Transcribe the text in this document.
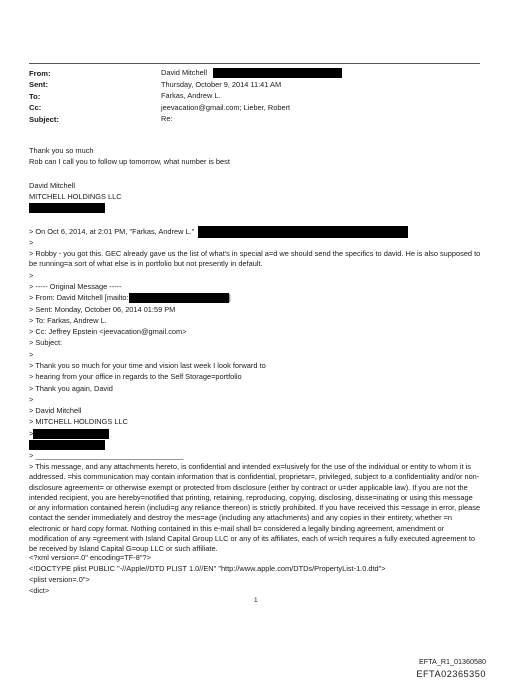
From:	David Mitchell
Sent:	Thursday, October 9, 2014 11:41 AM
To:	Farkas, Andrew L.
Cc:	jeevacation@gmail.com; Lieber, Robert
Subject:	Re:
Thank you so much
Rob can I call you to follow up tomorrow, what number is best
David Mitchell
MITCHELL HOLDINGS LLC
> On Oct 6, 2014, at 2:01 PM, "Farkas, Andrew L."
>
> Robby - you got this. GEC already gave us the list of what's in special a=d we should send the specifics to david. He is also supposed to be running=a sort of what else is in portfolio but not presently in default.
>
> ----- Original Message -----
> From: David Mitchell [mailto:	]
> Sent: Monday, October 06, 2014 01:59 PM
> To: Farkas, Andrew L.
> Cc: Jeffrey Epstein <jeevacation@gmail.com>
> Subject:
>
> Thank you so much for your time and vision last week I look forward to
> hearing from your office in regards to the Self Storage=portfolio
> Thank you again, David
>
> David Mitchell
> MITCHELL HOLDINGS LLC
>
> ____________________________________
> This message, and any attachments hereto, is confidential and intended ex=lusively for the use of the individual or entity to whom it is addressed. =his communication may contain information that is confidential, proprietar=, privileged, subject to a confidentiality and/or non-disclosure agreement= or otherwise exempt or protected from disclosure (either by contract or u=der applicable law). If you are not the intended recipient, you are hereby=notified that printing, retaining, reproducing, copying, disclosing, disse=inating or using this message or any information contained herein (includi=g any reliance thereon) is strictly prohibited. If you have received this =essage in error, please contact the sender immediately and destroy the mes=age (including any attachments) and any copies in their entirety, whether =n electronic or hard copy format. Nothing contained in this e-mail shall b= considered a legally binding agreement, amendment or modification of any =greement with Island Capital Group LLC or any of its affiliates, each of w=ich requires a fully executed agreement to be received by Island Capital G=oup LLC or such affiliate.
<?xml version=.0" encoding=TF-8"?>
<!DOCTYPE plist PUBLIC "-//Apple//DTD PLIST 1.0//EN" "http://www.apple.com/DTDs/PropertyList-1.0.dtd">
<plist version=.0">
<dict>
1
EFTA_R1_01360580
EFTA02365350
